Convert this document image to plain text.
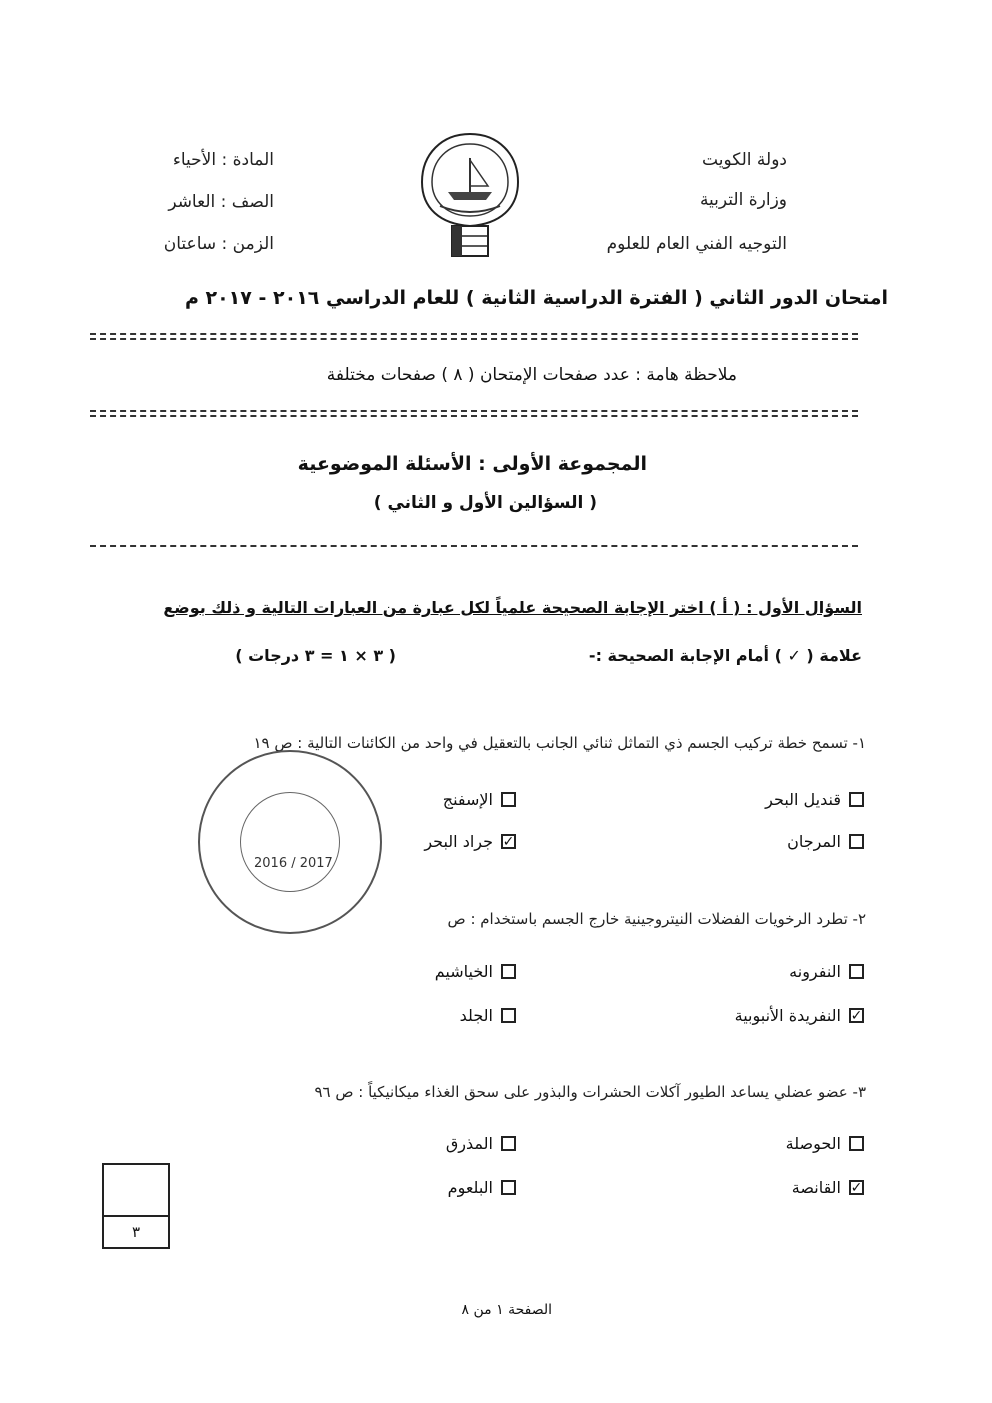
دولة الكويت
وزارة التربية
التوجيه الفني العام للعلوم
المادة : الأحياء
الصف : العاشر
الزمن : ساعتان
امتحان الدور الثاني ( الفترة الدراسية الثانية ) للعام الدراسي ٢٠١٦ - ٢٠١٧ م
ملاحظة هامة : عدد صفحات الإمتحان ( ٨ ) صفحات مختلفة
المجموعة الأولى : الأسئلة الموضوعية
( السؤالين الأول و الثاني )
السؤال الأول : ( أ ) اختر الإجابة الصحيحة علمياً لكل عبارة من العبارات التالية و ذلك بوضع
علامة ( ✓ ) أمام الإجابة الصحيحة :-
( ٣ × ١ = ٣ درجات )
١- تسمح خطة تركيب الجسم ذي التماثل ثنائي الجانب بالتعقيل في واحد من الكائنات التالية : ص ١٩
قنديل البحر
الإسفنج
المرجان
✓
جراد البحر
2016 / 2017
٢- تطرد الرخويات الفضلات النيتروجينية خارج الجسم باستخدام : ص
النفرونه
الخياشيم
✓
النفريدة الأنبوبية
الجلد
٣- عضو عضلي يساعد الطيور آكلات الحشرات والبذور على سحق الغذاء ميكانيكياً : ص ٩٦
الحوصلة
المذرق
✓
القانصة
البلعوم
٣
الصفحة ١ من ٨
